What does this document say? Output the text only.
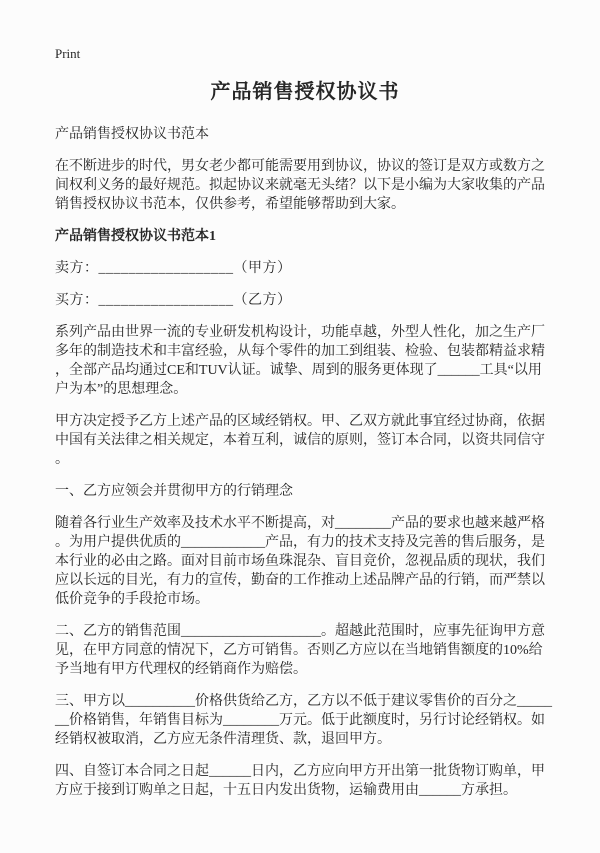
Print
产品销售授权协议书

产品销售授权协议书范本

在不断进步的时代，男女老少都可能需要用到协议，协议的签订是双方或数方之间权利义务的最好规范。拟起协议来就毫无头绪？以下是小编为大家收集的产品销售授权协议书范本，仅供参考，希望能够帮助到大家。

产品销售授权协议书范本1

卖方：__________________（甲方）

买方：__________________（乙方）

系列产品由世界一流的专业研发机构设计，功能卓越，外型人性化，加之生产厂多年的制造技术和丰富经验，从每个零件的加工到组装、检验、包装都精益求精，全部产品均通过CE和TUV认证。诚挚、周到的服务更体现了______工具“以用户为本”的思想理念。

甲方决定授予乙方上述产品的区域经销权。甲、乙双方就此事宜经过协商，依据中国有关法律之相关规定，本着互利，诚信的原则，签订本合同，以资共同信守。

一、乙方应领会并贯彻甲方的行销理念

随着各行业生产效率及技术水平不断提高，对________产品的要求也越来越严格。为用户提供优质的____________产品，有力的技术支持及完善的售后服务，是本行业的必由之路。面对目前市场鱼珠混杂、盲目竞价，忽视品质的现状，我们应以长远的目光，有力的宣传，勤奋的工作推动上述品牌产品的行销，而严禁以低价竞争的手段抢市场。

二、乙方的销售范围____________________。超越此范围时，应事先征询甲方意见，在甲方同意的情况下，乙方可销售。否则乙方应以在当地销售额度的10%给予当地有甲方代理权的经销商作为赔偿。

三、甲方以__________价格供货给乙方，乙方以不低于建议零售价的百分之_______价格销售，年销售目标为________万元。低于此额度时，另行讨论经销权。如经销权被取消，乙方应无条件清理货、款，退回甲方。

四、自签订本合同之日起______日内，乙方应向甲方开出第一批货物订购单，甲方应于接到订购单之日起，十五日内发出货物，运输费用由______方承担。
